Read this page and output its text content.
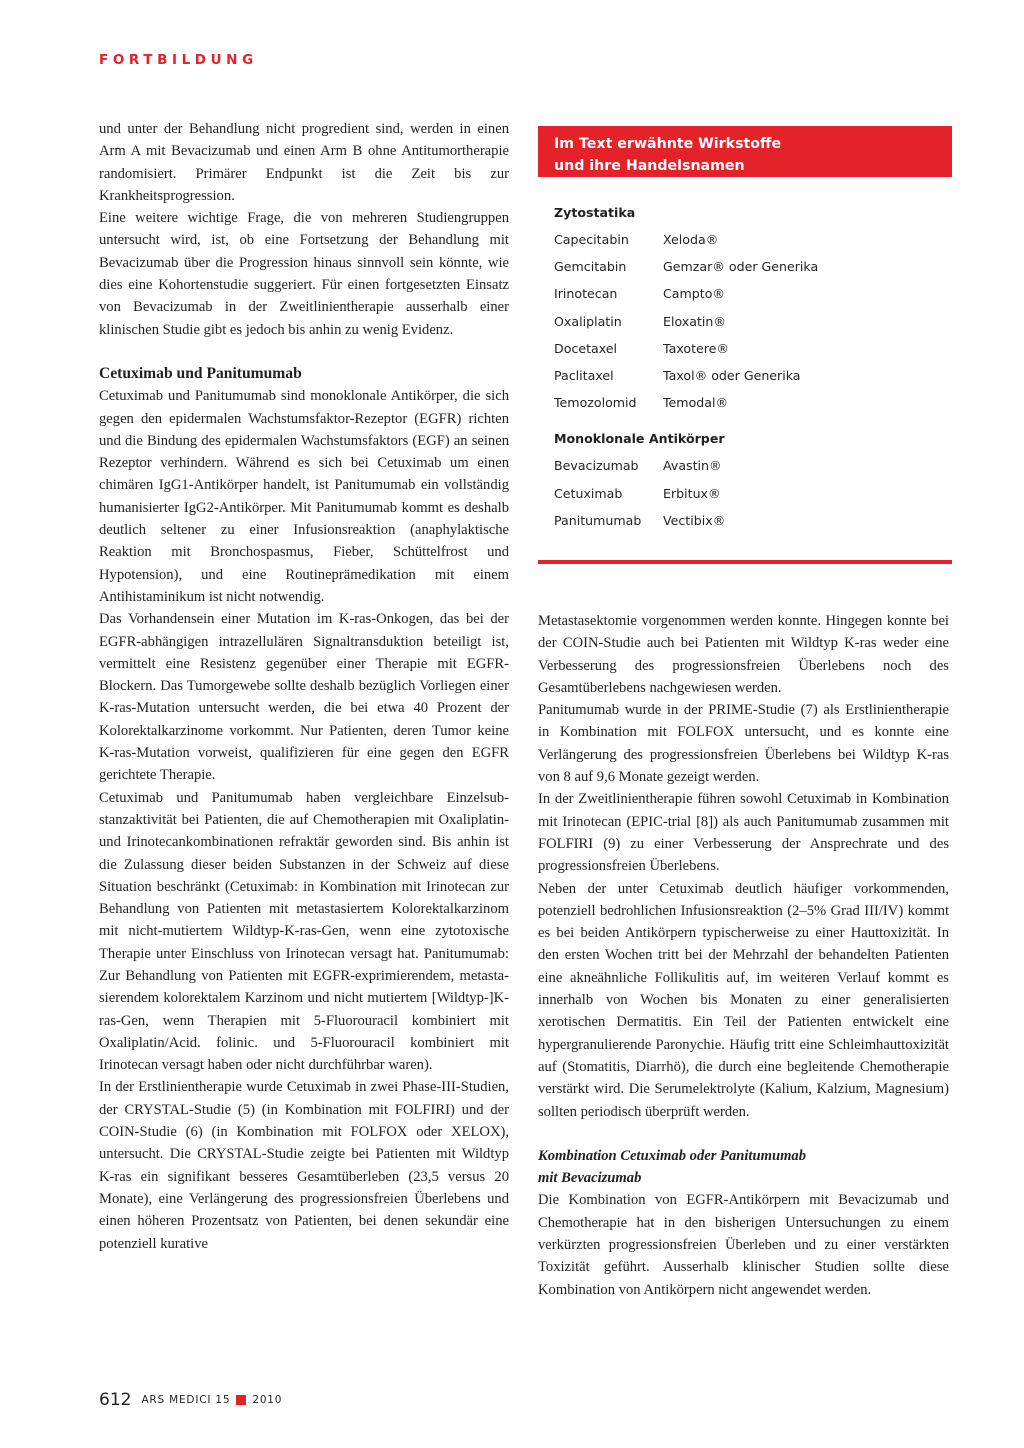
FORTBILDUNG

und unter der Behandlung nicht progredient sind, werden in einen Arm A mit Bevacizumab und einen Arm B ohne Antitumortherapie randomisiert. Primärer Endpunkt ist die Zeit bis zur Krankheitsprogression.

Eine weitere wichtige Frage, die von mehreren Studiengruppen untersucht wird, ist, ob eine Fortsetzung der Behandlung mit Bevacizumab über die Progression hinaus sinnvoll sein könnte, wie dies eine Kohortenstudie suggeriert. Für einen fortgesetzten Einsatz von Bevacizumab in der Zweitlinientherapie ausserhalb einer klinischen Studie gibt es jedoch bis anhin zu wenig Evidenz.

Cetuximab und Panitumumab

Cetuximab und Panitumumab sind monoklonale Antikörper, die sich gegen den epidermalen Wachstumsfaktor-Rezeptor (EGFR) richten und die Bindung des epidermalen Wachstumsfaktors (EGF) an seinen Rezeptor verhindern. Während es sich bei Cetuximab um einen chimären IgG1-Antikörper handelt, ist Panitumumab ein vollständig humanisierter IgG2-Antikörper. Mit Panitumumab kommt es deshalb deutlich seltener zu einer Infusionsreaktion (anaphylaktische Reaktion mit Bronchospasmus, Fieber, Schüttelfrost und Hypotension), und eine Routineprämedikation mit einem Antihistaminikum ist nicht notwendig.

Das Vorhandensein einer Mutation im K-ras-Onkogen, das bei der EGFR-abhängigen intrazellulären Signaltransduktion beteiligt ist, vermittelt eine Resistenz gegenüber einer Therapie mit EGFR-Blockern. Das Tumorgewebe sollte deshalb bezüglich Vorliegen einer K-ras-Mutation untersucht werden, die bei etwa 40 Prozent der Kolorektalkarzinome vorkommt. Nur Patienten, deren Tumor keine K-ras-Mutation vorweist, qualifizieren für eine gegen den EGFR gerichtete Therapie.

Cetuximab und Panitumumab haben vergleichbare Einzelsubstanzaktivität bei Patienten, die auf Chemotherapien mit Oxaliplatin- und Irinotecankombinationen refraktär geworden sind. Bis anhin ist die Zulassung dieser beiden Substanzen in der Schweiz auf diese Situation beschränkt (Cetuximab: in Kombination mit Irinotecan zur Behandlung von Patienten mit metastasiertem Kolorektalkarzinom mit nicht-mutiertem Wildtyp-K-ras-Gen, wenn eine zytotoxische Therapie unter Einschluss von Irinotecan versagt hat. Panitumumab: Zur Behandlung von Patienten mit EGFR-exprimierendem, metastasierendem kolorektalem Karzinom und nicht mutiertem [Wildtyp-]K-ras-Gen, wenn Therapien mit 5-Fluorouracil kombiniert mit Oxaliplatin/Acid. folinic. und 5-Fluorouracil kombiniert mit Irinotecan versagt haben oder nicht durchführbar waren).

In der Erstlinientherapie wurde Cetuximab in zwei Phase-III-Studien, der CRYSTAL-Studie (5) (in Kombination mit FOLFIRI) und der COIN-Studie (6) (in Kombination mit FOLFOX oder XELOX), untersucht. Die CRYSTAL-Studie zeigte bei Patienten mit Wildtyp K-ras ein signifikant besseres Gesamtüberleben (23,5 versus 20 Monate), eine Verlängerung des progressionsfreien Überlebens und einen höheren Prozentsatz von Patienten, bei denen sekundär eine potenziell kurative

Im Text erwähnte Wirkstoffe
und ihre Handelsnamen
Zytostatika
Capecitabin	Xeloda®
Gemcitabin	Gemzar® oder Generika
Irinotecan	Campto®
Oxaliplatin	Eloxatin®
Docetaxel	Taxotere®
Paclitaxel	Taxol® oder Generika
Temozolomid	Temodal®
Monoklonale Antikörper
Bevacizumab	Avastin®
Cetuximab	Erbitux®
Panitumumab	Vectibix®

Metastasektomie vorgenommen werden konnte. Hingegen konnte bei der COIN-Studie auch bei Patienten mit Wildtyp K-ras weder eine Verbesserung des progressionsfreien Überlebens noch des Gesamtüberlebens nachgewiesen werden.

Panitumumab wurde in der PRIME-Studie (7) als Erstlinientherapie in Kombination mit FOLFOX untersucht, und es konnte eine Verlängerung des progressionsfreien Überlebens bei Wildtyp K-ras von 8 auf 9,6 Monate gezeigt werden.

In der Zweitlinientherapie führen sowohl Cetuximab in Kombination mit Irinotecan (EPIC-trial [8]) als auch Panitumumab zusammen mit FOLFIRI (9) zu einer Verbesserung der Ansprechrate und des progressionsfreien Überlebens.

Neben der unter Cetuximab deutlich häufiger vorkommenden, potenziell bedrohlichen Infusionsreaktion (2–5% Grad III/IV) kommt es bei beiden Antikörpern typischerweise zu einer Hauttoxizität. In den ersten Wochen tritt bei der Mehrzahl der behandelten Patienten eine akneähnliche Follikulitis auf, im weiteren Verlauf kommt es innerhalb von Wochen bis Monaten zu einer generalisierten xerotischen Dermatitis. Ein Teil der Patienten entwickelt eine hypergranulierende Paronychie. Häufig tritt eine Schleimhauttoxizität auf (Stomatitis, Diarrhö), die durch eine begleitende Chemotherapie verstärkt wird. Die Serumelektrolyte (Kalium, Kalzium, Magnesium) sollten periodisch überprüft werden.

Kombination Cetuximab oder Panitumumab
mit Bevacizumab

Die Kombination von EGFR-Antikörpern mit Bevacizumab und Chemotherapie hat in den bisherigen Untersuchungen zu einem verkürzten progressionsfreien Überleben und zu einer verstärkten Toxizität geführt. Ausserhalb klinischer Studien sollte diese Kombination von Antikörpern nicht angewendet werden.

612 ARS MEDICI 15 2010
